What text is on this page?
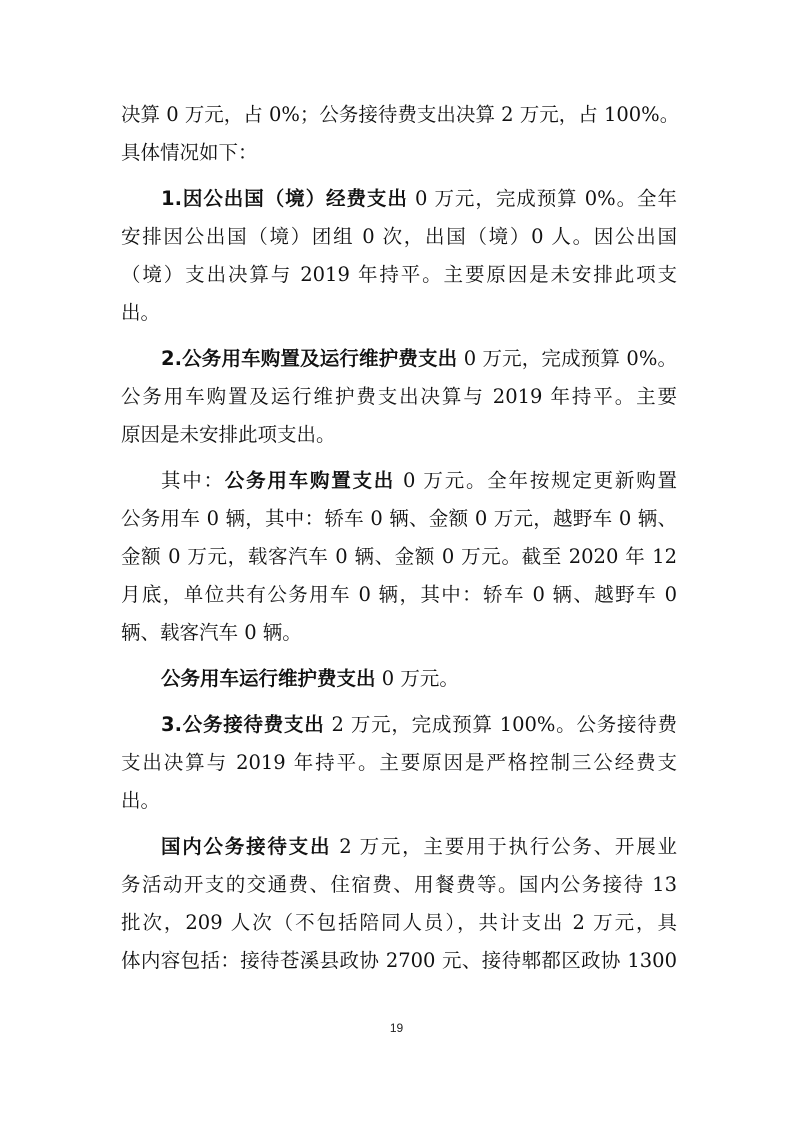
决算 0 万元，占 0%；公务接待费支出决算 2 万元，占 100%。
具体情况如下：
1.因公出国（境）经费支出 0 万元，完成预算 0%。全年
安排因公出国（境）团组 0 次，出国（境）0 人。因公出国
（境）支出决算与 2019 年持平。主要原因是未安排此项支
出。
2.公务用车购置及运行维护费支出 0 万元，完成预算 0%。
公务用车购置及运行维护费支出决算与 2019 年持平。主要
原因是未安排此项支出。
其中：公务用车购置支出 0 万元。全年按规定更新购置
公务用车 0 辆，其中：轿车 0 辆、金额 0 万元，越野车 0 辆、
金额 0 万元，载客汽车 0 辆、金额 0 万元。截至 2020 年 12
月底，单位共有公务用车 0 辆，其中：轿车 0 辆、越野车 0
辆、载客汽车 0 辆。
公务用车运行维护费支出 0 万元。
3.公务接待费支出 2 万元，完成预算 100%。公务接待费
支出决算与 2019 年持平。主要原因是严格控制三公经费支
出。
国内公务接待支出 2 万元，主要用于执行公务、开展业
务活动开支的交通费、住宿费、用餐费等。国内公务接待 13
批次，209 人次（不包括陪同人员），共计支出 2 万元，具
体内容包括：接待苍溪县政协 2700 元、接待郫都区政协 1300
19
